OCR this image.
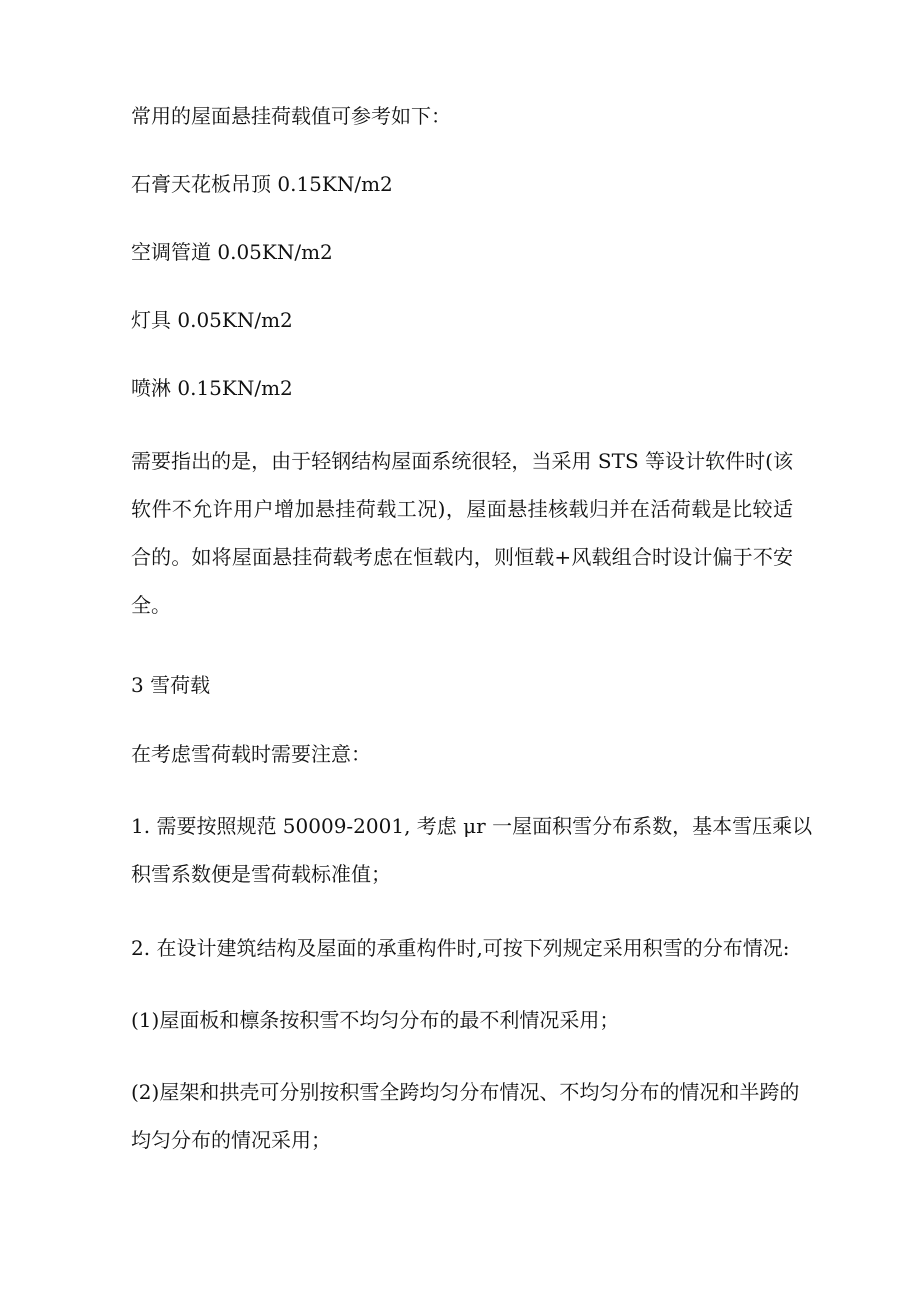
常用的屋面悬挂荷载值可参考如下：

石膏天花板吊顶 0.15KN/m2

空调管道 0.05KN/m2

灯具 0.05KN/m2

喷淋 0.15KN/m2

需要指出的是，由于轻钢结构屋面系统很轻，当采用 STS 等设计软件时(该
软件不允许用户增加悬挂荷载工况)，屋面悬挂核载归并在活荷载是比较适
合的。如将屋面悬挂荷载考虑在恒载内，则恒载+风载组合时设计偏于不安
全。

3 雪荷载

在考虑雪荷载时需要注意：

1. 需要按照规范 50009-2001, 考虑 μr 一屋面积雪分布系数，基本雪压乘以
积雪系数便是雪荷载标准值；

2. 在设计建筑结构及屋面的承重构件时,可按下列规定采用积雪的分布情况:

(1)屋面板和檩条按积雪不均匀分布的最不利情况采用；

(2)屋架和拱壳可分别按积雪全跨均匀分布情况、不均匀分布的情况和半跨的
均匀分布的情况采用；
